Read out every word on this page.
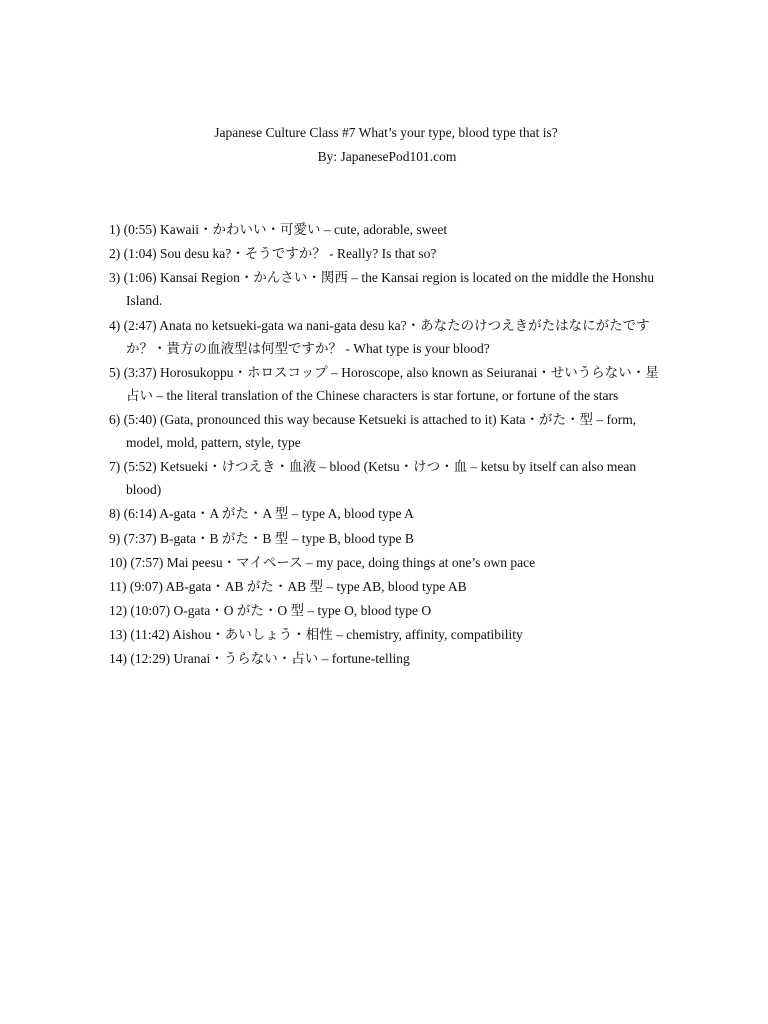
Japanese Culture Class #7 What’s your type, blood type that is?
By: JapanesePod101.com
1) (0:55) Kawaii・かわいい・可愛い – cute, adorable, sweet
2) (1:04) Sou desu ka?・そうですか？ - Really? Is that so?
3) (1:06) Kansai Region・かんさい・関西 – the Kansai region is located on the middle the Honshu Island.
4) (2:47) Anata no ketsueki-gata wa nani-gata desu ka?・あなたのけつえきがたはなにがたですか？・貴方の血液型は何型ですか？ - What type is your blood?
5) (3:37) Horosukoppu・ホロスコップ – Horoscope, also known as Seiuranai・せいうらない・星占い – the literal translation of the Chinese characters is star fortune, or fortune of the stars
6) (5:40) (Gata, pronounced this way because Ketsueki is attached to it) Kata・がた・型 – form, model, mold, pattern, style, type
7) (5:52) Ketsueki・けつえき・血液 – blood (Ketsu・けつ・血 – ketsu by itself can also mean blood)
8) (6:14) A-gata・A がた・A 型 – type A, blood type A
9) (7:37) B-gata・B がた・B 型 – type B, blood type B
10) (7:57) Mai peesu・マイペース – my pace, doing things at one’s own pace
11) (9:07) AB-gata・AB がた・AB 型 – type AB, blood type AB
12) (10:07) O-gata・O がた・O 型 – type O, blood type O
13) (11:42) Aishou・あいしょう・相性 – chemistry, affinity, compatibility
14) (12:29) Uranai・うらない・占い – fortune-telling
